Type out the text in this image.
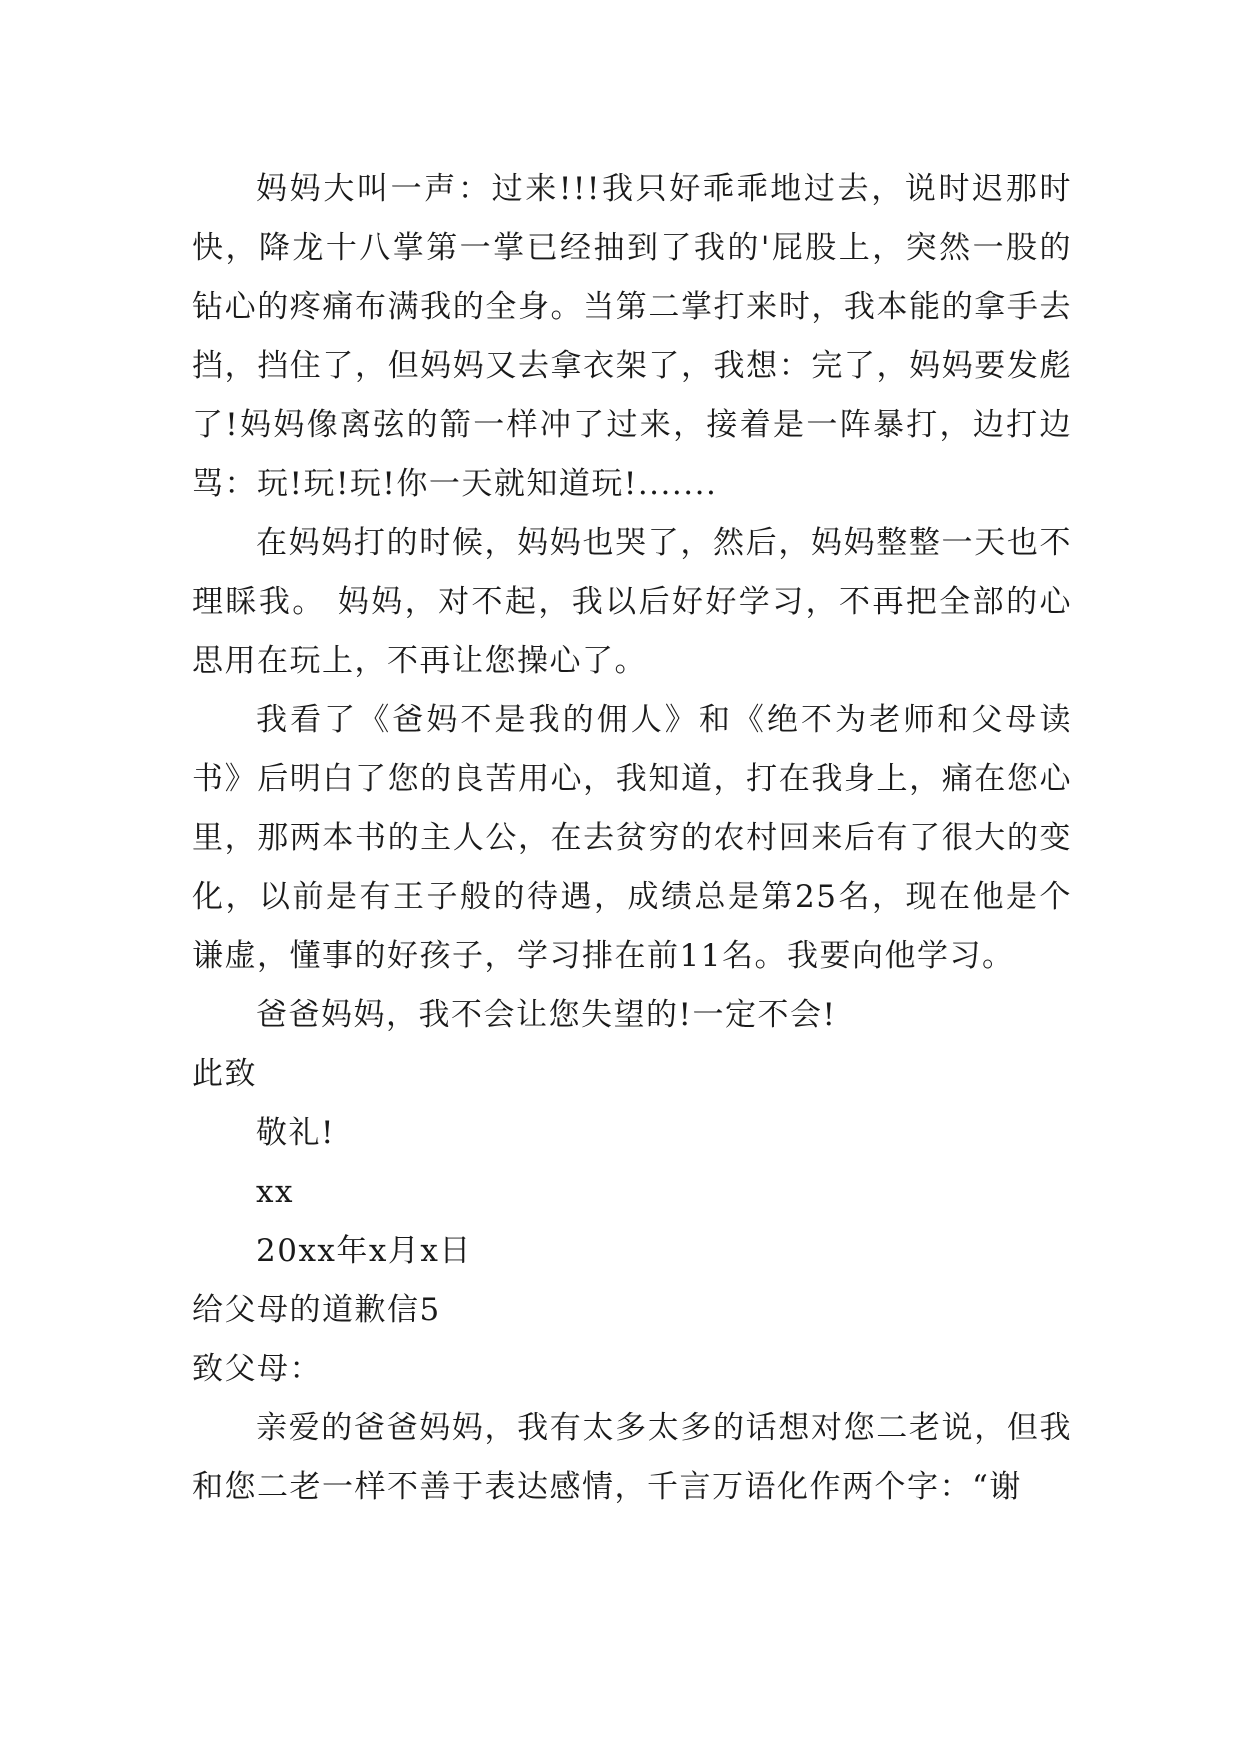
妈妈大叫一声：过来!!!我只好乖乖地过去，说时迟那时快，降龙十八掌第一掌已经抽到了我的'屁股上，突然一股的钻心的疼痛布满我的全身。当第二掌打来时，我本能的拿手去挡，挡住了，但妈妈又去拿衣架了，我想：完了，妈妈要发彪了!妈妈像离弦的箭一样冲了过来，接着是一阵暴打，边打边骂：玩!玩!玩!你一天就知道玩!.......

在妈妈打的时候，妈妈也哭了，然后，妈妈整整一天也不理睬我。 妈妈，对不起，我以后好好学习，不再把全部的心思用在玩上，不再让您操心了。

我看了《爸妈不是我的佣人》和《绝不为老师和父母读书》后明白了您的良苦用心，我知道，打在我身上，痛在您心里，那两本书的主人公，在去贫穷的农村回来后有了很大的变化，以前是有王子般的待遇，成绩总是第25名，现在他是个谦虚，懂事的好孩子，学习排在前11名。我要向他学习。

爸爸妈妈，我不会让您失望的!一定不会!

此致

敬礼!

xx

20xx年x月x日

给父母的道歉信5

致父母：

亲爱的爸爸妈妈，我有太多太多的话想对您二老说，但我和您二老一样不善于表达感情，千言万语化作两个字：“谢
